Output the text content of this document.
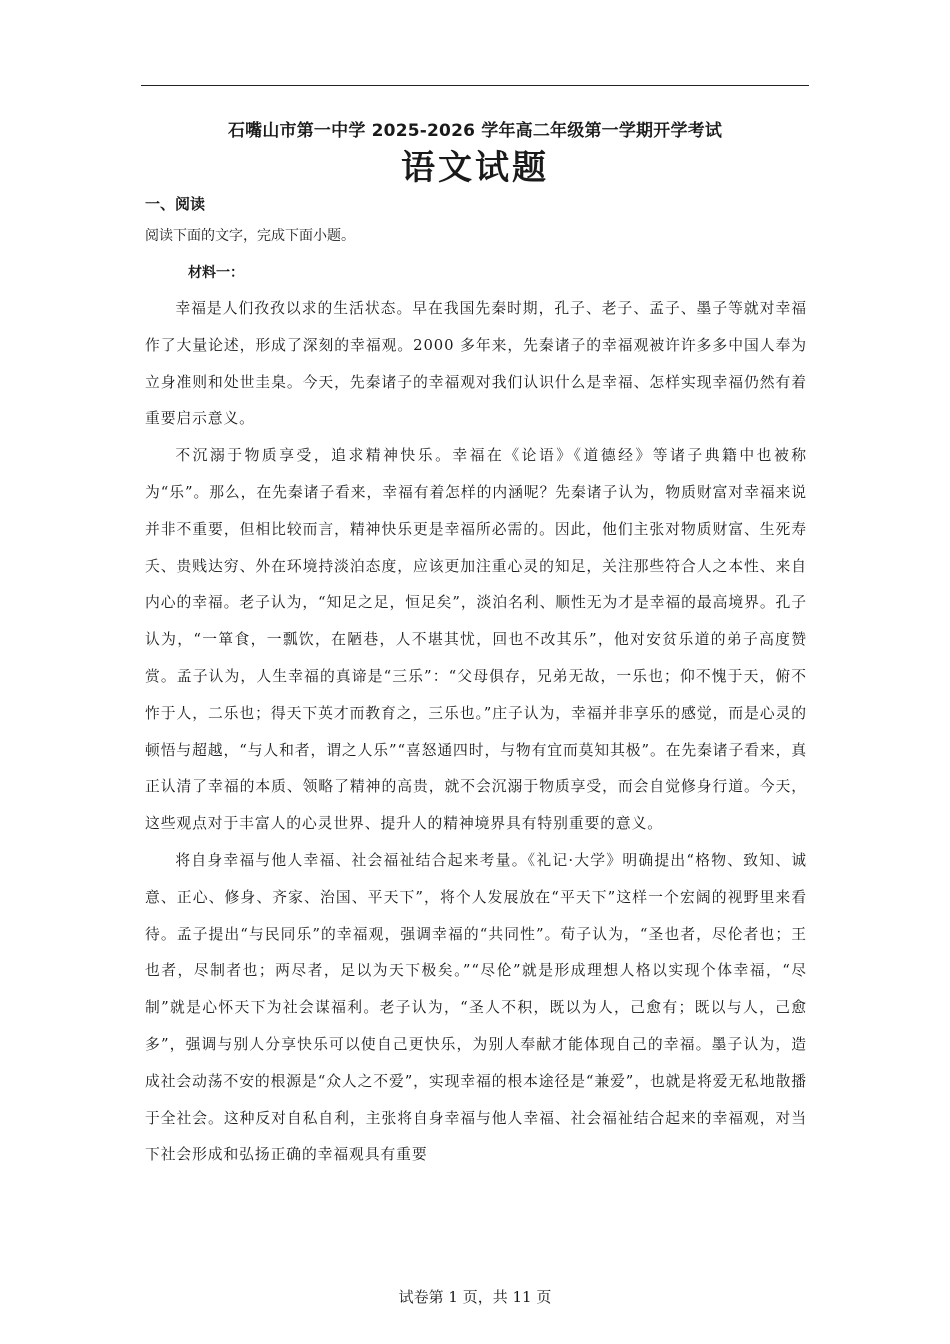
石嘴山市第一中学 2025-2026 学年高二年级第一学期开学考试
语文试题
一、阅读
阅读下面的文字，完成下面小题。
材料一：

幸福是人们孜孜以求的生活状态。早在我国先秦时期，孔子、老子、孟子、墨子等就对幸福作了大量论述，形成了深刻的幸福观。2000 多年来，先秦诸子的幸福观被许许多多中国人奉为立身准则和处世圭臬。今天，先秦诸子的幸福观对我们认识什么是幸福、怎样实现幸福仍然有着重要启示意义。

不沉溺于物质享受，追求精神快乐。幸福在《论语》《道德经》等诸子典籍中也被称为“乐”。那么，在先秦诸子看来，幸福有着怎样的内涵呢？先秦诸子认为，物质财富对幸福来说并非不重要，但相比较而言，精神快乐更是幸福所必需的。因此，他们主张对物质财富、生死寿夭、贵贱达穷、外在环境持淡泊态度，应该更加注重心灵的知足，关注那些符合人之本性、来自内心的幸福。老子认为，“知足之足，恒足矣”，淡泊名利、顺性无为才是幸福的最高境界。孔子认为，“一箪食，一瓢饮，在陋巷，人不堪其忧，回也不改其乐”，他对安贫乐道的弟子高度赞赏。孟子认为，人生幸福的真谛是“三乐”：“父母俱存，兄弟无故，一乐也；仰不愧于天，俯不怍于人，二乐也；得天下英才而教育之，三乐也。”庄子认为，幸福并非享乐的感觉，而是心灵的顿悟与超越，“与人和者，谓之人乐”“喜怒通四时，与物有宜而莫知其极”。在先秦诸子看来，真正认清了幸福的本质、领略了精神的高贵，就不会沉溺于物质享受，而会自觉修身行道。今天，这些观点对于丰富人的心灵世界、提升人的精神境界具有特别重要的意义。

将自身幸福与他人幸福、社会福祉结合起来考量。《礼记·大学》明确提出“格物、致知、诚意、正心、修身、齐家、治国、平天下”，将个人发展放在“平天下”这样一个宏阔的视野里来看待。孟子提出“与民同乐”的幸福观，强调幸福的“共同性”。荀子认为，“圣也者，尽伦者也；王也者，尽制者也；两尽者，足以为天下极矣。”“尽伦”就是形成理想人格以实现个体幸福，“尽制”就是心怀天下为社会谋福利。老子认为，“圣人不积，既以为人，己愈有；既以与人，己愈多”，强调与别人分享快乐可以使自己更快乐，为别人奉献才能体现自己的幸福。墨子认为，造成社会动荡不安的根源是“众人之不爱”，实现幸福的根本途径是“兼爱”，也就是将爱无私地散播于全社会。这种反对自私自利，主张将自身幸福与他人幸福、社会福祉结合起来的幸福观，对当下社会形成和弘扬正确的幸福观具有重要

试卷第 1 页，共 11 页
